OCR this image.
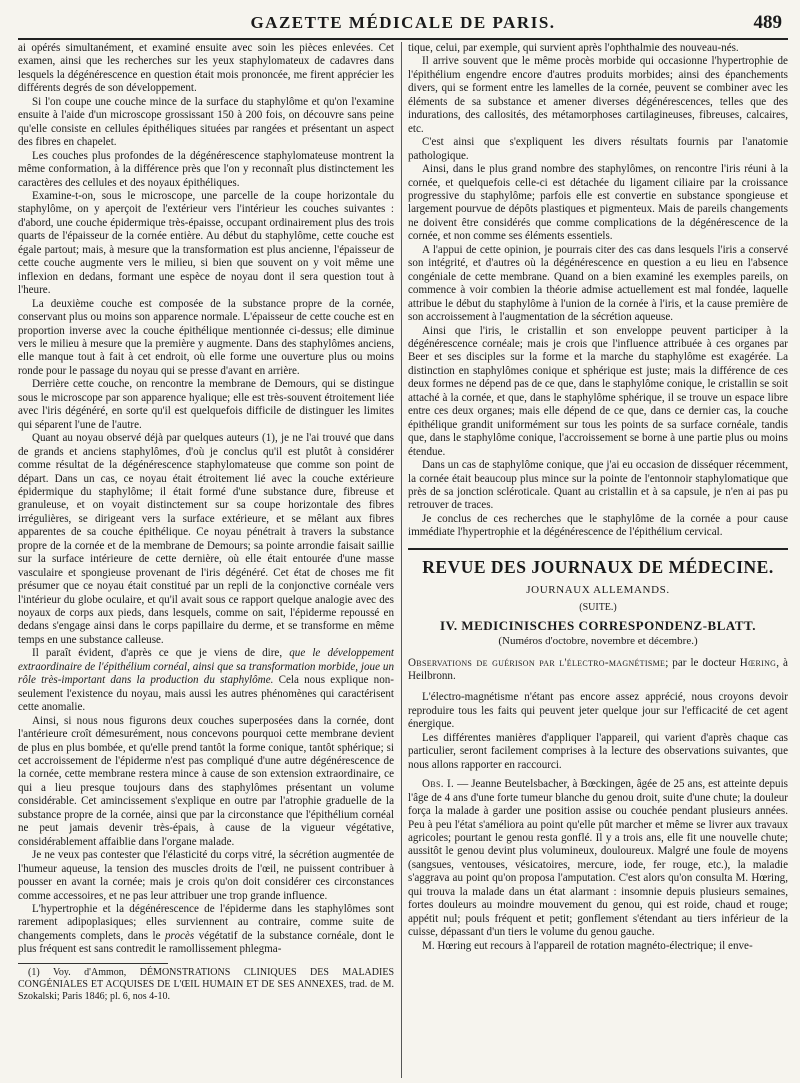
GAZETTE MÉDICALE DE PARIS.	489

ai opérés simultanément, et examiné ensuite avec soin les pièces enlevées. Cet examen, ainsi que les recherches sur les yeux staphylomateux de cadavres dans lesquels la dégénérescence en question était mois prononcée, me firent apprécier les différents degrés de son développement.

Si l'on coupe une couche mince de la surface du staphylôme et qu'on l'examine ensuite à l'aide d'un microscope grossissant 150 à 200 fois, on découvre sans peine qu'elle consiste en cellules épithéliques situées par rangées et présentant un aspect des fibres en chapelet.

Les couches plus profondes de la dégénérescence staphylomateuse montrent la même conformation, à la différence près que l'on y reconnaît plus distinctement les caractères des cellules et des noyaux épithéliques.

Examine-t-on, sous le microscope, une parcelle de la coupe horizontale du staphylôme, on y aperçoit de l'extérieur vers l'intérieur les couches suivantes : d'abord, une couche épidermique très-épaisse, occupant ordinairement plus des trois quarts de l'épaisseur de la cornée entière. Au début du staphylôme, cette couche est égale partout; mais, à mesure que la transformation est plus ancienne, l'épaisseur de cette couche augmente vers le milieu, si bien que souvent on y voit même une inflexion en dedans, formant une espèce de noyau dont il sera question tout à l'heure.

La deuxième couche est composée de la substance propre de la cornée, conservant plus ou moins son apparence normale. L'épaisseur de cette couche est en proportion inverse avec la couche épithélique mentionnée ci-dessus; elle diminue vers le milieu à mesure que la première y augmente. Dans des staphylômes anciens, elle manque tout à fait à cet endroit, où elle forme une ouverture plus ou moins ronde pour le passage du noyau qui se presse d'avant en arrière.

Derrière cette couche, on rencontre la membrane de Demours, qui se distingue sous le microscope par son apparence hyalique; elle est très-souvent étroitement liée avec l'iris dégénéré, en sorte qu'il est quelquefois difficile de distinguer les limites qui séparent l'une de l'autre.

Quant au noyau observé déjà par quelques auteurs (1), je ne l'ai trouvé que dans de grands et anciens staphylômes, d'où je conclus qu'il est plutôt à considérer comme résultat de la dégénérescence staphylomateuse que comme son point de départ. Dans un cas, ce noyau était étroitement lié avec la couche extérieure épidermique du staphylôme; il était formé d'une substance dure, fibreuse et granuleuse, et on voyait distinctement sur sa coupe horizontale des fibres irrégulières, se dirigeant vers la surface extérieure, et se mêlant aux fibres apparentes de sa couche épithélique. Ce noyau pénétrait à travers la substance propre de la cornée et de la membrane de Demours; sa pointe arrondie faisait saillie sur la surface intérieure de cette dernière, où elle était entourée d'une masse vasculaire et spongieuse provenant de l'iris dégénéré. Cet état de choses me fit présumer que ce noyau était constitué par un repli de la conjonctive cornéale vers l'intérieur du globe oculaire, et qu'il avait sous ce rapport quelque analogie avec des noyaux de corps aux pieds, dans lesquels, comme on sait, l'épiderme repoussé en dedans s'engage ainsi dans le corps papillaire du derme, et se transforme en même temps en une substance calleuse.

Il paraît évident, d'après ce que je viens de dire, que le développement extraordinaire de l'épithélium cornéal, ainsi que sa transformation morbide, joue un rôle très-important dans la production du staphylôme. Cela nous explique non-seulement l'existence du noyau, mais aussi les autres phénomènes qui caractérisent cette anomalie.

Ainsi, si nous nous figurons deux couches superposées dans la cornée, dont l'antérieure croît démesurément, nous concevons pourquoi cette membrane devient de plus en plus bombée, et qu'elle prend tantôt la forme conique, tantôt sphérique; si cet accroissement de l'épiderme n'est pas compliqué d'une autre dégénérescence de la cornée, cette membrane restera mince à cause de son extension extraordinaire, ce qui a lieu presque toujours dans des staphylômes présentant un volume considérable. Cet amincissement s'explique en outre par l'atrophie graduelle de la substance propre de la cornée, ainsi que par la circonstance que l'épithélium cornéal ne peut jamais devenir très-épais, à cause de la vigueur végétative, considérablement affaiblie dans l'organe malade.

Je ne veux pas contester que l'élasticité du corps vitré, la sécrétion augmentée de l'humeur aqueuse, la tension des muscles droits de l'œil, ne puissent contribuer à pousser en avant la cornée; mais je crois qu'on doit considérer ces circonstances comme accessoires, et ne pas leur attribuer une trop grande influence.

L'hypertrophie et la dégénérescence de l'épiderme dans les staphylômes sont rarement adipoplasiques; elles surviennent au contraire, comme suite de changements complets, dans le procès végétatif de la substance cornéale, dont le plus fréquent est sans contredit le ramollissement phlegma-

(1) Voy. d'Ammon, DÉMONSTRATIONS CLINIQUES DES MALADIES CONGÉNIALES ET ACQUISES DE L'ŒIL HUMAIN ET DE SES ANNEXES, trad. de M. Szokalski; Paris 1846; pl. 6, nos 4-10.

tique, celui, par exemple, qui survient après l'ophthalmie des nouveau-nés.

Il arrive souvent que le même procès morbide qui occasionne l'hypertrophie de l'épithélium engendre encore d'autres produits morbides; ainsi des épanchements divers, qui se forment entre les lamelles de la cornée, peuvent se combiner avec les éléments de sa substance et amener diverses dégénérescences, telles que des indurations, des callosités, des métamorphoses cartilagineuses, fibreuses, calcaires, etc.

C'est ainsi que s'expliquent les divers résultats fournis par l'anatomie pathologique.

Ainsi, dans le plus grand nombre des staphylômes, on rencontre l'iris réuni à la cornée, et quelquefois celle-ci est détachée du ligament ciliaire par la croissance progressive du staphylôme; parfois elle est convertie en substance spongieuse et largement pourvue de dépôts plastiques et pigmenteux. Mais de pareils changements ne doivent être considérés que comme complications de la dégénérescence de la cornée, et non comme ses éléments essentiels.

A l'appui de cette opinion, je pourrais citer des cas dans lesquels l'iris a conservé son intégrité, et d'autres où la dégénérescence en question a eu lieu en l'absence congéniale de cette membrane. Quand on a bien examiné les exemples pareils, on commence à voir combien la théorie admise actuellement est mal fondée, laquelle attribue le début du staphylôme à l'union de la cornée à l'iris, et la cause première de son accroissement à l'augmentation de la sécrétion aqueuse.

Ainsi que l'iris, le cristallin et son enveloppe peuvent participer à la dégénérescence cornéale; mais je crois que l'influence attribuée à ces organes par Beer et ses disciples sur la forme et la marche du staphylôme est exagérée. La distinction en staphylômes conique et sphérique est juste; mais la différence de ces deux formes ne dépend pas de ce que, dans le staphylôme conique, le cristallin se soit attaché à la cornée, et que, dans le staphylôme sphérique, il se trouve un espace libre entre ces deux organes; mais elle dépend de ce que, dans ce dernier cas, la couche épithélique grandit uniformément sur tous les points de sa surface cornéale, tandis que, dans le staphylôme conique, l'accroissement se borne à une partie plus ou moins étendue.

Dans un cas de staphylôme conique, que j'ai eu occasion de disséquer récemment, la cornée était beaucoup plus mince sur la pointe de l'entonnoir staphylomatique que près de sa jonction scléroticale. Quant au cristallin et à sa capsule, je n'en ai pas pu retrouver de traces.

Je conclus de ces recherches que le staphylôme de la cornée a pour cause immédiate l'hypertrophie et la dégénérescence de l'épithélium cervical.

REVUE DES JOURNAUX DE MÉDECINE.
JOURNAUX ALLEMANDS.
(SUITE.)
IV. MEDICINISCHES CORRESPONDENZ-BLATT.
(Numéros d'octobre, novembre et décembre.)

Observations de guérison par l'électro-magnétisme; par le docteur Hœring, à Heilbronn.

L'électro-magnétisme n'étant pas encore assez apprécié, nous croyons devoir reproduire tous les faits qui peuvent jeter quelque jour sur l'efficacité de cet agent énergique.

Les différentes manières d'appliquer l'appareil, qui varient d'après chaque cas particulier, seront facilement comprises à la lecture des observations suivantes, que nous allons rapporter en raccourci.

Obs. I. — Jeanne Beutelsbacher, à Bœckingen, âgée de 25 ans, est atteinte depuis l'âge de 4 ans d'une forte tumeur blanche du genou droit, suite d'une chute; la douleur força la malade à garder une position assise ou couchée pendant plusieurs années. Peu à peu l'état s'améliora au point qu'elle pût marcher et même se livrer aux travaux agricoles; pourtant le genou resta gonflé. Il y a trois ans, elle fit une nouvelle chute; aussitôt le genou devint plus volumineux, douloureux. Malgré une foule de moyens (sangsues, ventouses, vésicatoires, mercure, iode, fer rouge, etc.), la maladie s'aggrava au point qu'on proposa l'amputation. C'est alors qu'on consulta M. Hœring, qui trouva la malade dans un état alarmant : insomnie depuis plusieurs semaines, fortes douleurs au moindre mouvement du genou, qui est roide, chaud et rouge; appétit nul; pouls fréquent et petit; gonflement s'étendant au tiers inférieur de la cuisse, dépassant d'un tiers le volume du genou gauche.

M. Hœring eut recours à l'appareil de rotation magnéto-électrique; il enve-
